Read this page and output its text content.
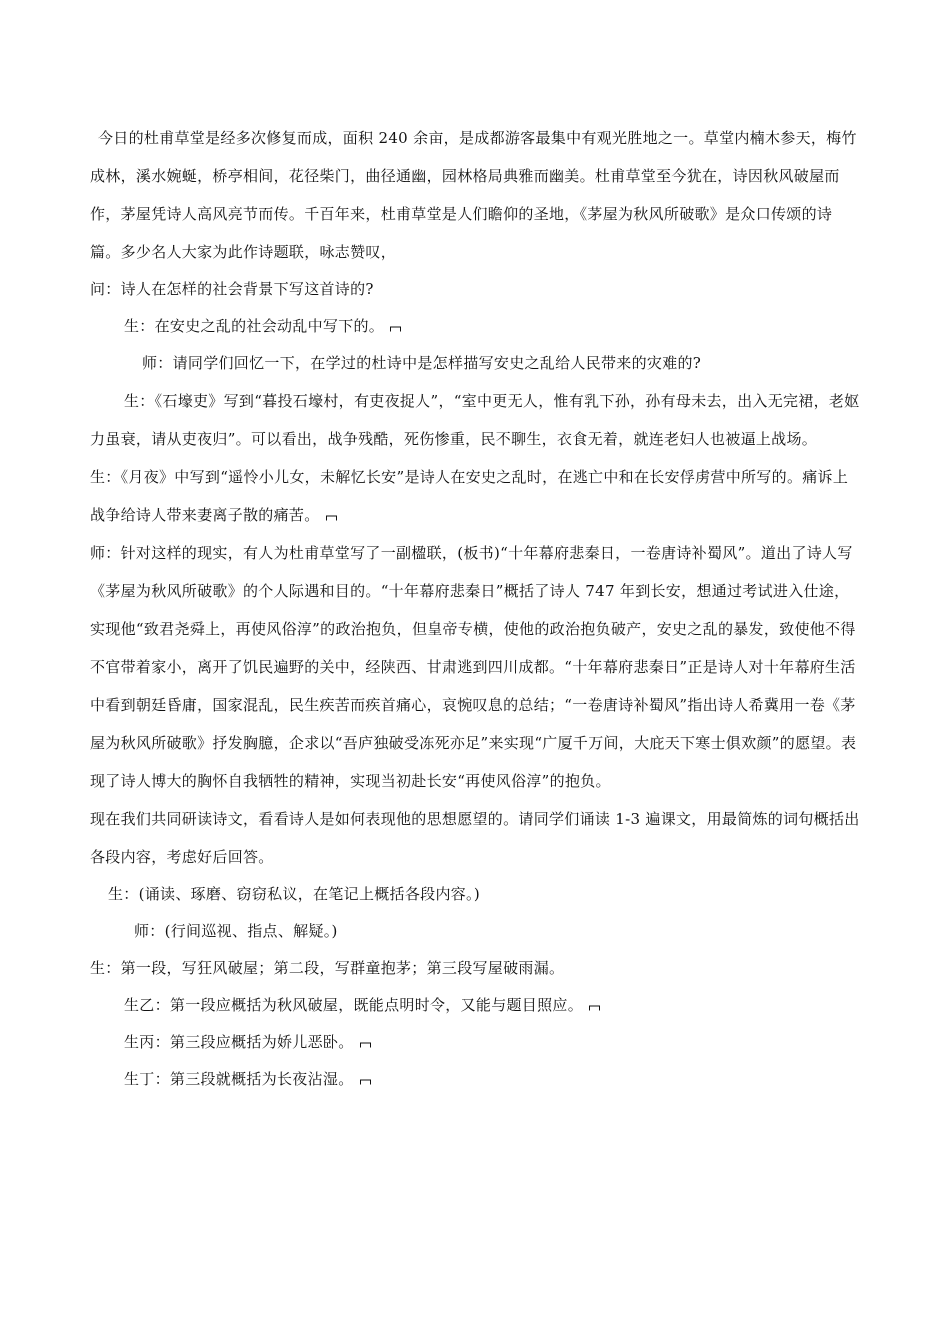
今日的杜甫草堂是经多次修复而成，面积 240 余亩，是成都游客最集中有观光胜地之一。草堂内楠木参天，梅竹成林，溪水婉蜒，桥亭相间，花径柴门，曲径通幽，园林格局典雅而幽美。杜甫草堂至今犹在，诗因秋风破屋而作，茅屋凭诗人高风亮节而传。千百年来，杜甫草堂是人们瞻仰的圣地，《茅屋为秋风所破歌》是众口传颂的诗篇。多少名人大家为此作诗题联，咏志赞叹，

问：诗人在怎样的社会背景下写这首诗的?

生：在安史之乱的社会动乱中写下的。

师：请同学们回忆一下，在学过的杜诗中是怎样描写安史之乱给人民带来的灾难的?

生：《石壕吏》写到“暮投石壕村，有吏夜捉人”，“室中更无人，惟有乳下孙，孙有母未去，出入无完裙，老妪力虽衰，请从吏夜归”。可以看出，战争残酷，死伤惨重，民不聊生，衣食无着，就连老妇人也被逼上战场。

生：《月夜》中写到“遥怜小儿女，未解忆长安”是诗人在安史之乱时，在逃亡中和在长安俘虏营中所写的。痛诉上战争给诗人带来妻离子散的痛苦。

师：针对这样的现实，有人为杜甫草堂写了一副楹联，(板书)“十年幕府悲秦日，一卷唐诗补蜀风”。道出了诗人写《茅屋为秋风所破歌》的个人际遇和目的。“十年幕府悲秦日”概括了诗人 747 年到长安，想通过考试进入仕途，实现他“致君尧舜上，再使风俗淳”的政治抱负，但皇帝专横，使他的政治抱负破产，安史之乱的暴发，致使他不得不官带着家小，离开了饥民遍野的关中，经陕西、甘肃逃到四川成都。“十年幕府悲秦日”正是诗人对十年幕府生活中看到朝廷昏庸，国家混乱，民生疾苦而疾首痛心，哀惋叹息的总结；“一卷唐诗补蜀风”指出诗人希冀用一卷《茅屋为秋风所破歌》抒发胸臆，企求以“吾庐独破受冻死亦足”来实现“广厦千万间，大庇天下寒士俱欢颜”的愿望。表现了诗人博大的胸怀自我牺牲的精神，实现当初赴长安“再使风俗淳”的抱负。

现在我们共同研读诗文，看看诗人是如何表现他的思想愿望的。请同学们诵读 1-3 遍课文，用最简炼的词句概括出各段内容，考虑好后回答。

生：(诵读、琢磨、窃窃私议，在笔记上概括各段内容。)

师：(行间巡视、指点、解疑。)

生：第一段，写狂风破屋；第二段，写群童抱茅；第三段写屋破雨漏。

生乙：第一段应概括为秋风破屋，既能点明时令，又能与题目照应。

生丙：第三段应概括为娇儿恶卧。

生丁：第三段就概括为长夜沾湿。
